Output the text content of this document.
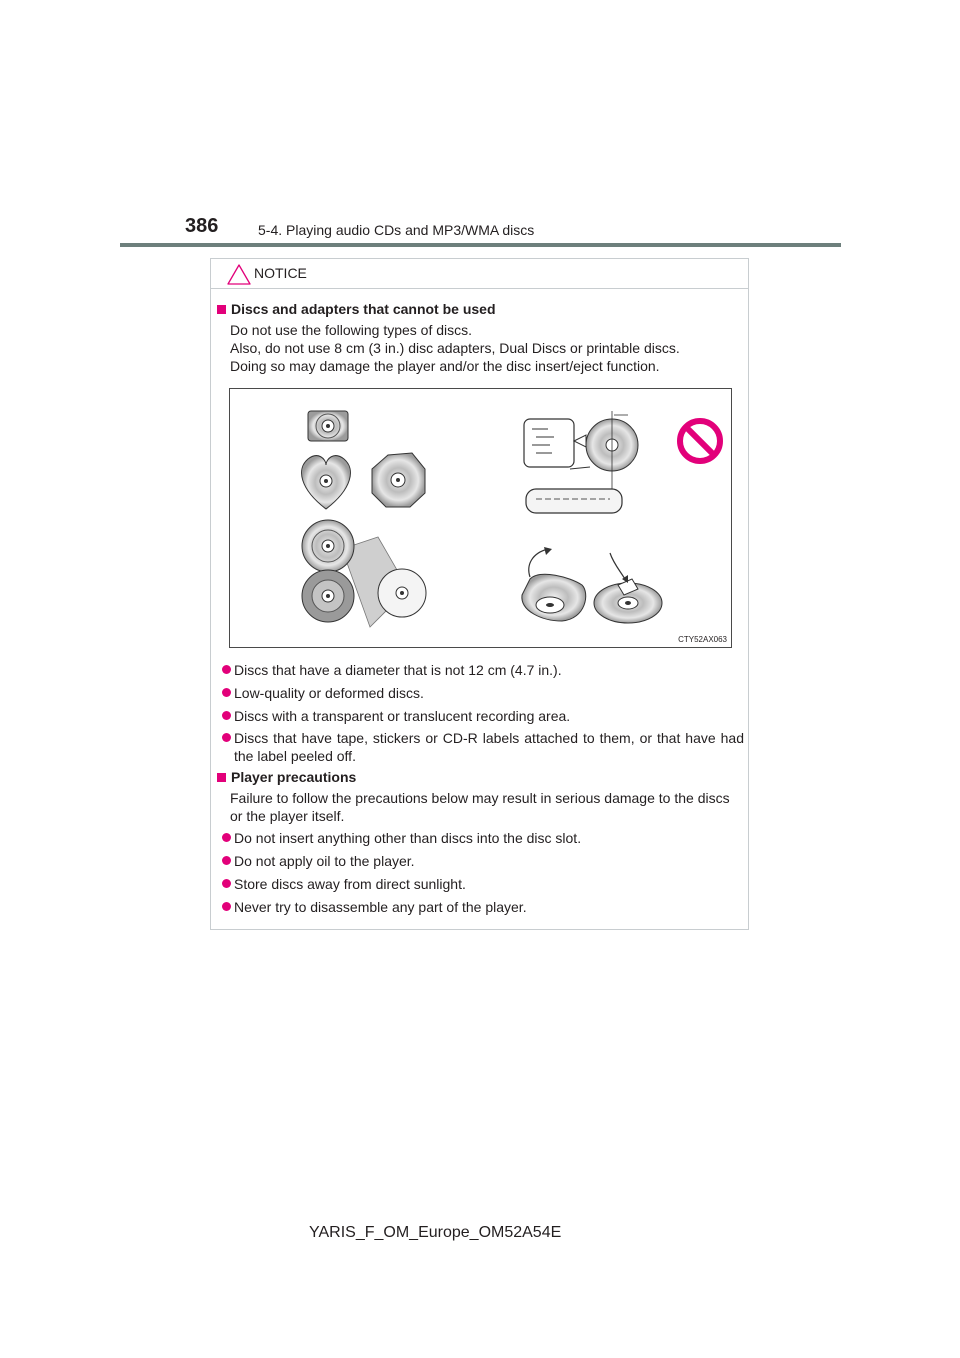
386	5-4. Playing audio CDs and MP3/WMA discs
NOTICE
Discs and adapters that cannot be used
Do not use the following types of discs.
Also, do not use 8 cm (3 in.) disc adapters, Dual Discs or printable discs.
Doing so may damage the player and/or the disc insert/eject function.
CTY52AX063
Discs that have a diameter that is not 12 cm (4.7 in.).
Low-quality or deformed discs.
Discs with a transparent or translucent recording area.
Discs that have tape, stickers or CD-R labels attached to them, or that have had the label peeled off.
Player precautions
Failure to follow the precautions below may result in serious damage to the discs or the player itself.
Do not insert anything other than discs into the disc slot.
Do not apply oil to the player.
Store discs away from direct sunlight.
Never try to disassemble any part of the player.
YARIS_F_OM_Europe_OM52A54E
